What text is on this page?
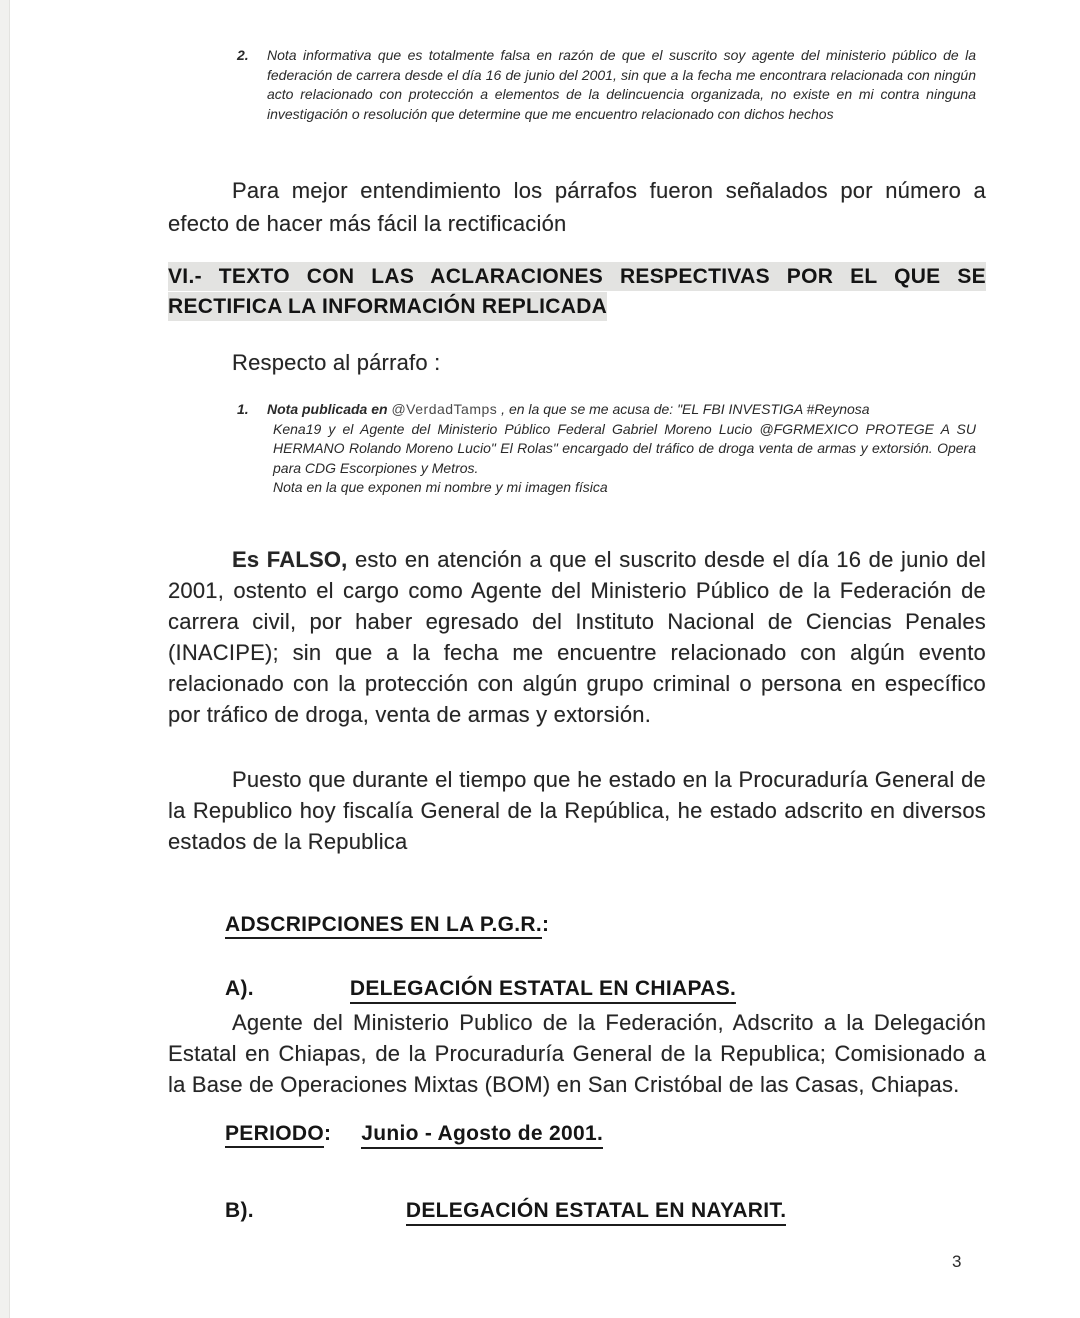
2.	Nota informativa que es totalmente falsa en razón de que el suscrito soy agente del ministerio público de la federación de carrera desde el día 16 de junio del 2001, sin que a la fecha me encontrara relacionada con ningún acto relacionado con protección a elementos de la delincuencia organizada, no existe en mi contra ninguna investigación o resolución que determine que me encuentro relacionado con dichos hechos

Para mejor entendimiento los párrafos fueron señalados por número a efecto de hacer más fácil la rectificación

VI.- TEXTO CON LAS ACLARACIONES RESPECTIVAS POR EL QUE SE RECTIFICA LA INFORMACIÓN REPLICADA
Respecto al párrafo :
1.	Nota publicada en @VerdadTamps , en la que se me acusa de: "EL FBI INVESTIGA #Reynosa
Kena19 y el Agente del Ministerio Público Federal Gabriel Moreno Lucio @FGRMEXICO PROTEGE A SU HERMANO Rolando Moreno Lucio" El Rolas" encargado del tráfico de droga venta de armas y extorsión. Opera para CDG Escorpiones y Metros.
Nota en la que exponen mi nombre y mi imagen física

Es FALSO, esto en atención a que el suscrito desde el día 16 de junio del 2001, ostento el cargo como Agente del Ministerio Público de la Federación de carrera civil, por haber egresado del Instituto Nacional de Ciencias Penales (INACIPE); sin que a la fecha me encuentre relacionado con algún evento relacionado con la protección con algún grupo criminal o persona en específico por tráfico de droga, venta de armas y extorsión.

Puesto que durante el tiempo que he estado en la Procuraduría General de la Republico hoy fiscalía General de la República, he estado adscrito en diversos estados de la Republica

ADSCRIPCIONES EN LA P.G.R.:
A).	DELEGACIÓN ESTATAL EN CHIAPAS.

Agente del Ministerio Publico de la Federación, Adscrito a la Delegación Estatal en Chiapas, de la Procuraduría General de la Republica; Comisionado a la Base de Operaciones Mixtas (BOM) en San Cristóbal de las Casas, Chiapas.

PERIODO: Junio - Agosto de 2001.
B).	DELEGACIÓN ESTATAL EN NAYARIT.
3
